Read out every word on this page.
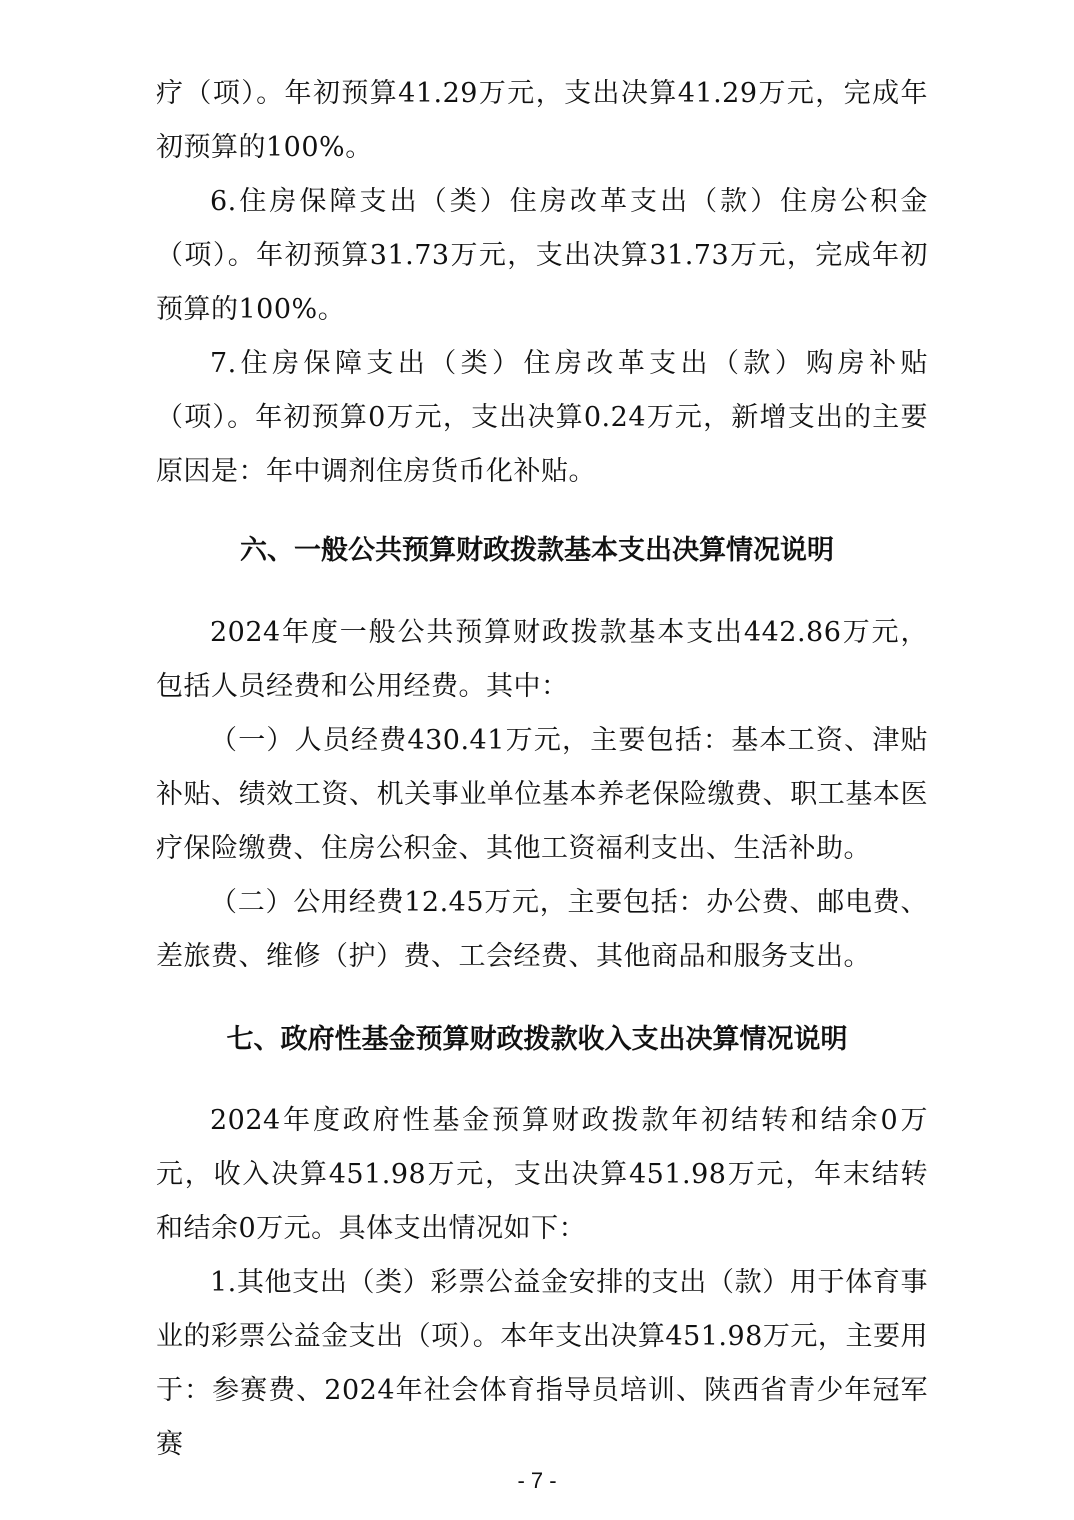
疗（项）。年初预算41.29万元，支出决算41.29万元，完成年初预算的100%。

6.住房保障支出（类）住房改革支出（款）住房公积金（项）。年初预算31.73万元，支出决算31.73万元，完成年初预算的100%。

7.住房保障支出（类）住房改革支出（款）购房补贴（项）。年初预算0万元，支出决算0.24万元，新增支出的主要原因是：年中调剂住房货币化补贴。

六、一般公共预算财政拨款基本支出决算情况说明

2024年度一般公共预算财政拨款基本支出442.86万元，包括人员经费和公用经费。其中：

（一）人员经费430.41万元，主要包括：基本工资、津贴补贴、绩效工资、机关事业单位基本养老保险缴费、职工基本医疗保险缴费、住房公积金、其他工资福利支出、生活补助。

（二）公用经费12.45万元，主要包括：办公费、邮电费、差旅费、维修（护）费、工会经费、其他商品和服务支出。

七、政府性基金预算财政拨款收入支出决算情况说明

2024年度政府性基金预算财政拨款年初结转和结余0万元，收入决算451.98万元，支出决算451.98万元，年末结转和结余0万元。具体支出情况如下：

1.其他支出（类）彩票公益金安排的支出（款）用于体育事业的彩票公益金支出（项）。本年支出决算451.98万元，主要用于：参赛费、2024年社会体育指导员培训、陕西省青少年冠军赛

- 7 -
